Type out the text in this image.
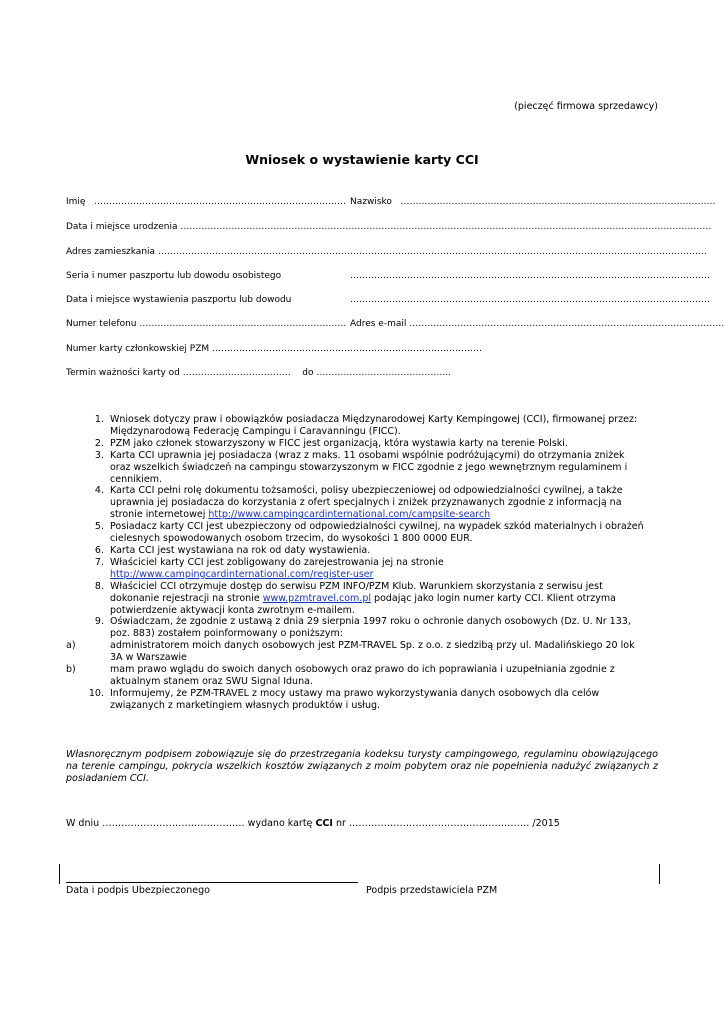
(pieczęć firmowa sprzedawcy)
Wniosek o wystawienie karty CCI
Imię ………………………………………………………………………… Nazwisko ……………………………………………………………………………………………
Data i miejsce urodzenia ……………………………………………………………………………………………………………………………………………………………
Adres zamieszkania …………………………………………………………………………………………………………………………………………………………………
Seria i numer paszportu lub dowodu osobistego	…………………………………………………………………………………………………………
Data i miejsce wystawienia paszportu lub dowodu	…………………………………………………………………………………………………………
Numer telefonu …………………………………………………………… Adres e-mail ……………………………………………………………………………………………
Numer karty członkowskiej PZM ………………………………………………………………………………
Termin ważności karty od ……………………………… do ……………………………………...
1. Wniosek dotyczy praw i obowiązków posiadacza Międzynarodowej Karty Kempingowej (CCI), firmowanej przez:
Międzynarodową Federację Campingu i Caravanningu (FICC).
2. PZM jako członek stowarzyszony w FICC jest organizacją, która wystawia karty na terenie Polski.
3. Karta CCI uprawnia jej posiadacza (wraz z maks. 11 osobami wspólnie podróżującymi) do otrzymania zniżek
oraz wszelkich świadczeń na campingu stowarzyszonym w FICC zgodnie z jego wewnętrznym regulaminem i
cennikiem.
4. Karta CCI pełni rolę dokumentu tożsamości, polisy ubezpieczeniowej od odpowiedzialności cywilnej, a także
uprawnia jej posiadacza do korzystania z ofert specjalnych i zniżek przyznawanych zgodnie z informacją na
stronie internetowej http://www.campingcardinternational.com/campsite-search
5. Posiadacz karty CCI jest ubezpieczony od odpowiedzialności cywilnej, na wypadek szkód materialnych i obrażeń
cielesnych spowodowanych osobom trzecim, do wysokości 1 800 0000 EUR.
6. Karta CCI jest wystawiana na rok od daty wystawienia.
7. Właściciel karty CCI jest zobligowany do zarejestrowania jej na stronie
http://www.campingcardinternational.com/register-user
8. Właściciel CCI otrzymuje dostęp do serwisu PZM INFO/PZM Klub. Warunkiem skorzystania z serwisu jest
dokonanie rejestracji na stronie www.pzmtravel.com.pl podając jako login numer karty CCI. Klient otrzyma
potwierdzenie aktywacji konta zwrotnym e-mailem.
9. Oświadczam, że zgodnie z ustawą z dnia 29 sierpnia 1997 roku o ochronie danych osobowych (Dz. U. Nr 133,
poz. 883) zostałem poinformowany o poniższym:
a)	administratorem moich danych osobowych jest PZM-TRAVEL Sp. z o.o. z siedzibą przy ul. Madalińskiego 20 lok
3A w Warszawie
b)	mam prawo wglądu do swoich danych osobowych oraz prawo do ich poprawiania i uzupełniania zgodnie z
aktualnym stanem oraz SWU Signal Iduna.
10. Informujemy, że PZM-TRAVEL z mocy ustawy ma prawo wykorzystywania danych osobowych dla celów
związanych z marketingiem własnych produktów i usług.
Własnoręcznym podpisem zobowiązuje się do przestrzegania kodeksu turysty campingowego, regulaminu obowiązującego na terenie campingu, pokrycia wszelkich kosztów związanych z moim pobytem oraz nie popełnienia nadużyć związanych z posiadaniem CCI.
W dniu ……………………………………… wydano kartę CCI nr ………………………………………………… /2015
Data i podpis Ubezpieczonego	Podpis przedstawiciela PZM
